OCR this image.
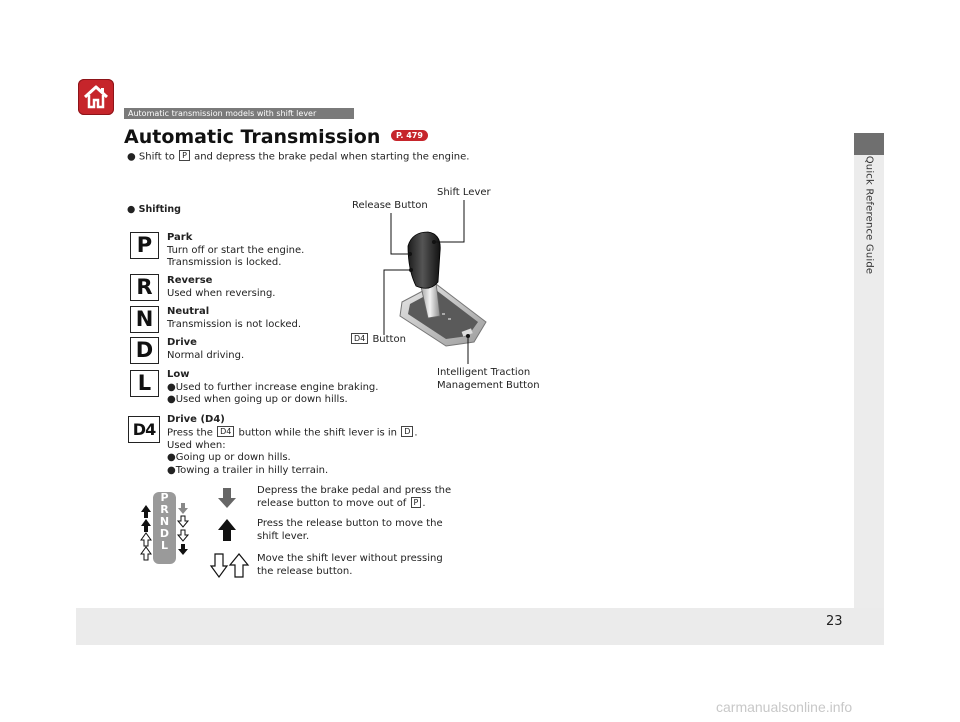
Quick Reference Guide
Automatic transmission models with shift lever
Automatic Transmission P. 479
● Shift to P and depress the brake pedal when starting the engine.
● Shifting
P
R
N
D
L
D4
Park
Turn off or start the engine.
Transmission is locked.
Reverse
Used when reversing.
Neutral
Transmission is not locked.
Drive
Normal driving.
Low
●Used to further increase engine braking.
●Used when going up or down hills.
Drive (D4)
Press the D4 button while the shift lever is in D .
Used when:
●Going up or down hills.
●Towing a trailer in hilly terrain.
Release Button
Shift Lever
D4 Button
Intelligent Traction
Management Button
P
R
N
D
L
Depress the brake pedal and press the
release button to move out of P .
Press the release button to move the
shift lever.
Move the shift lever without pressing
the release button.
23
carmanualsonline.info
